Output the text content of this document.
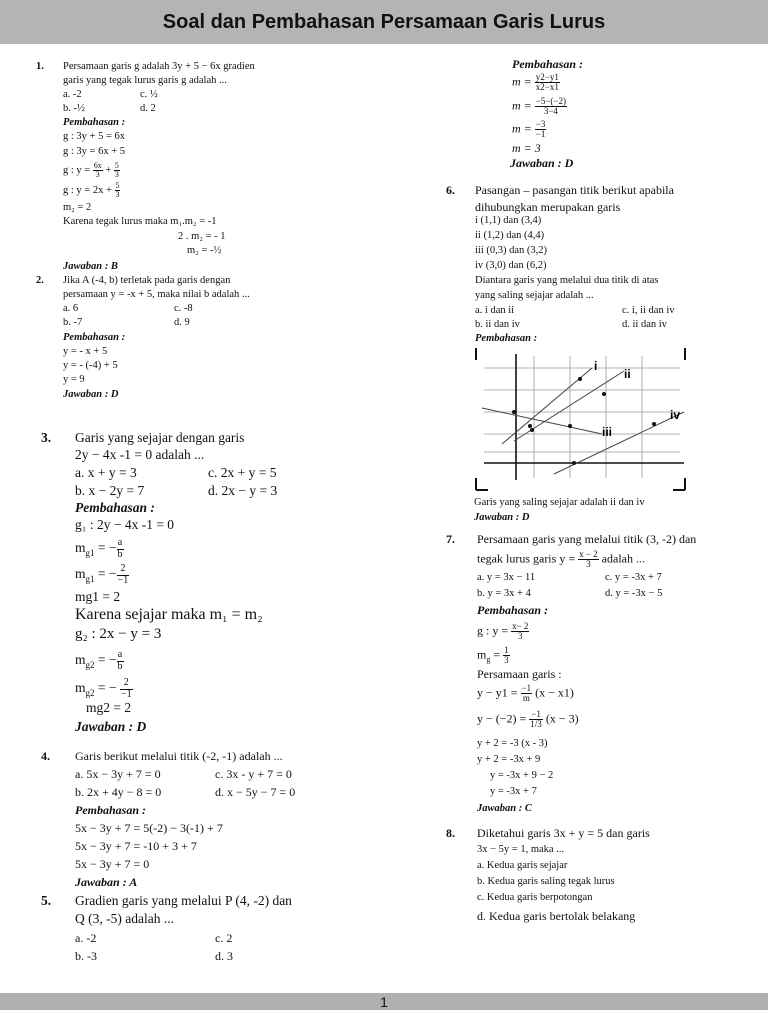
Soal dan Pembahasan Persamaan Garis Lurus
1. Persamaan garis g adalah 3y + 5 − 6x gradien
garis yang tegak lurus garis g adalah ...
a. -2	c. ½
b. -½	d. 2
Pembahasan :
g : 3y + 5 = 6x
g : 3y = 6x + 5
g : $y = \frac{6x}{3} + \frac{5}{3}$
g : $y = 2x + \frac{5}{3}$
m₂ = 2
Karena tegak lurus maka m₁.m₂ = -1
2 . m₂ = - 1
m₂ = -½
Jawaban : B
2. Jika A (-4, b) terletak pada garis dengan
persamaan y = -x + 5, maka nilai b adalah ...
a. 6	c. -8
b. -7	d. 9
Pembahasan :
y = - x + 5
y = - (-4) + 5
y = 9
Jawaban : D
3. Garis yang sejajar dengan garis
2y − 4x -1 = 0 adalah ...
a. x + y = 3	c. 2x + y = 5
b. x − 2y = 7	d. 2x − y = 3
Pembahasan :
g₁ : 2y − 4x -1 = 0
$m_{g1}$ = − $\frac{a}{b}$
$m_{g1}$ = − $\frac{2}{-1}$
mg1 = 2
Karena sejajar maka m₁ = m₂
g₂ : 2x − y = 3
$m_{g2}$ = − $\frac{a}{b}$
$m_{g2}$ = − $\frac{2}{-1}$
mg2 = 2
Jawaban : D
4. Garis berikut melalui titik (-2, -1) adalah ...
a. 5x − 3y + 7 = 0	c. 3x - y + 7 = 0
b. 2x + 4y − 8 = 0	d. x − 5y − 7 = 0
Pembahasan :
5x − 3y + 7 = 5(-2) − 3(-1) + 7
5x − 3y + 7 = -10 + 3 + 7
5x − 3y + 7 = 0
Jawaban : A
5. Gradien garis yang melalui P (4, -2) dan
Q (3, -5) adalah ...
a. -2	c. 2
b. -3	d. 3
Pembahasan :
$m = \frac{y2-y1}{x2-x1}$
$m = \frac{-5-(-2)}{3-4}$
$m = \frac{-3}{-1}$
m = 3
Jawaban : D
6. Pasangan – pasangan titik berikut apabila
dihubungkan merupakan garis
i (1,1) dan (3,4)
ii (1,2) dan (4,4)
iii (0,3) dan (3,2)
iv (3,0) dan (6,2)
Diantara garis yang melalui dua titik di atas
yang saling sejajar adalah ...
a. i dan ii	c. i, ii dan iv
b. ii dan iv	d. ii dan iv
Pembahasan :
i
ii
iii
iv
Garis yang saling sejajar adalah ii dan iv
Jawaban : D
7. Persamaan garis yang melalui titik (3, -2) dan
tegak lurus garis $y = \frac{x - 2}{3}$ adalah ...
a. y = 3x − 11	c. y = -3x + 7
b. y = 3x + 4	d. y = -3x − 5
Pembahasan :
g : $y = \frac{x- 2}{3}$
$m_g = \frac{1}{3}$
Persamaan garis :
$y - y1 = \frac{-1}{m} (x - x1)$
$y - (-2) = \frac{-1}{1/3} (x - 3)$
y + 2 = -3 (x - 3)
y + 2 = -3x + 9
y = -3x + 9 − 2
y = -3x + 7
Jawaban : C
8. Diketahui garis 3x + y = 5 dan garis
3x − 5y = 1, maka ...
a. Kedua garis sejajar
b. Kedua garis saling tegak lurus
c. Kedua garis berpotongan
d. Kedua garis bertolak belakang
1
